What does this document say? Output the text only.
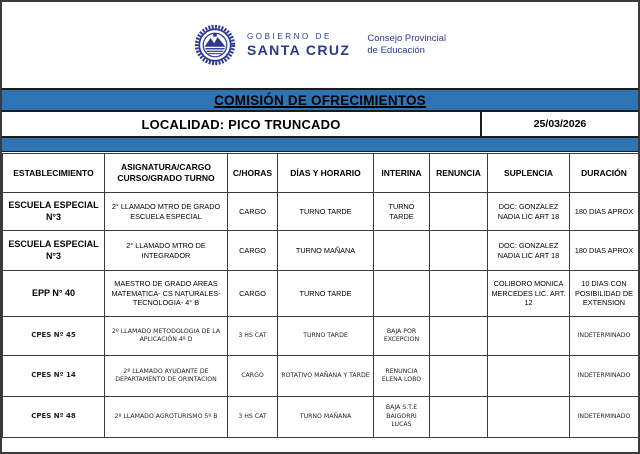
GOBIERNO DE
SANTA CRUZ
Consejo Provincial
de Educación
COMISIÓN DE OFRECIMIENTOS
LOCALIDAD: PICO TRUNCADO	25/03/2026
ESTABLECIMIENTO	ASIGNATURA/CARGO CURSO/GRADO TURNO	C/HORAS	DÍAS Y HORARIO	INTERINA	RENUNCIA	SUPLENCIA	DURACIÓN
ESCUELA ESPECIAL N°3	2° LLAMADO MTRO DE GRADO ESCUELA ESPECIAL	CARGO	TURNO TARDE	TURNO TARDE		DOC: GONZALEZ NADIA LIC ART 18	180 DIAS APROX
ESCUELA ESPECIAL N°3	2° LLAMADO MTRO DE INTEGRADOR	CARGO	TURNO MAÑANA			DOC: GONZALEZ NADIA LIC ART 18	180 DIAS APROX
EPP N° 40	MAESTRO DE GRADO AREAS MATEMATICA- CS NATURALES- TECNOLOGIA- 4° B	CARGO	TURNO TARDE			COLIBORO MONICA MERCEDES LIC. ART. 12	10 DIAS CON POSIBILIDAD DE EXTENSION
CPES Nº 45	2º LLAMADO METODOLOGIA DE LA APLICACIÓN 4º D	3 HS CAT	TURNO TARDE	BAJA POR EXCEPCION			INDETERMINADO
CPES Nº 14	2º LLAMADO AYUDANTE DE DEPARTAMENTO DE ORINTACION	CARGO	ROTATIVO MAÑANA Y TARDE	RENUNCIA ELENA LOBO			INDETERMINADO
CPES Nº 48	2º LLAMADO AGROTURISMO 5º B	3 HS CAT	TURNO MAÑANA	BAJA S.T.E BAIGORRI LUCAS			INDETERMINADO
